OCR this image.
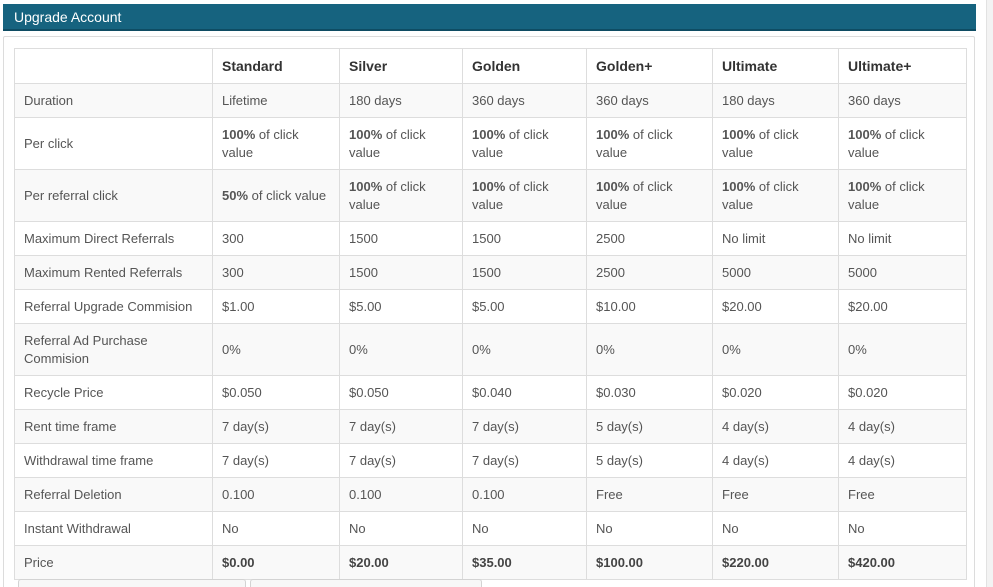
Upgrade Account
	Standard	Silver	Golden	Golden+	Ultimate	Ultimate+
Duration	Lifetime	180 days	360 days	360 days	180 days	360 days
Per click	100% of click value	100% of click value	100% of click value	100% of click value	100% of click value	100% of click value
Per referral click	50% of click value	100% of click value	100% of click value	100% of click value	100% of click value	100% of click value
Maximum Direct Referrals	300	1500	1500	2500	No limit	No limit
Maximum Rented Referrals	300	1500	1500	2500	5000	5000
Referral Upgrade Commision	$1.00	$5.00	$5.00	$10.00	$20.00	$20.00
Referral Ad Purchase Commision	0%	0%	0%	0%	0%	0%
Recycle Price	$0.050	$0.050	$0.040	$0.030	$0.020	$0.020
Rent time frame	7 day(s)	7 day(s)	7 day(s)	5 day(s)	4 day(s)	4 day(s)
Withdrawal time frame	7 day(s)	7 day(s)	7 day(s)	5 day(s)	4 day(s)	4 day(s)
Referral Deletion	0.100	0.100	0.100	Free	Free	Free
Instant Withdrawal	No	No	No	No	No	No
Price	$0.00	$20.00	$35.00	$100.00	$220.00	$420.00
